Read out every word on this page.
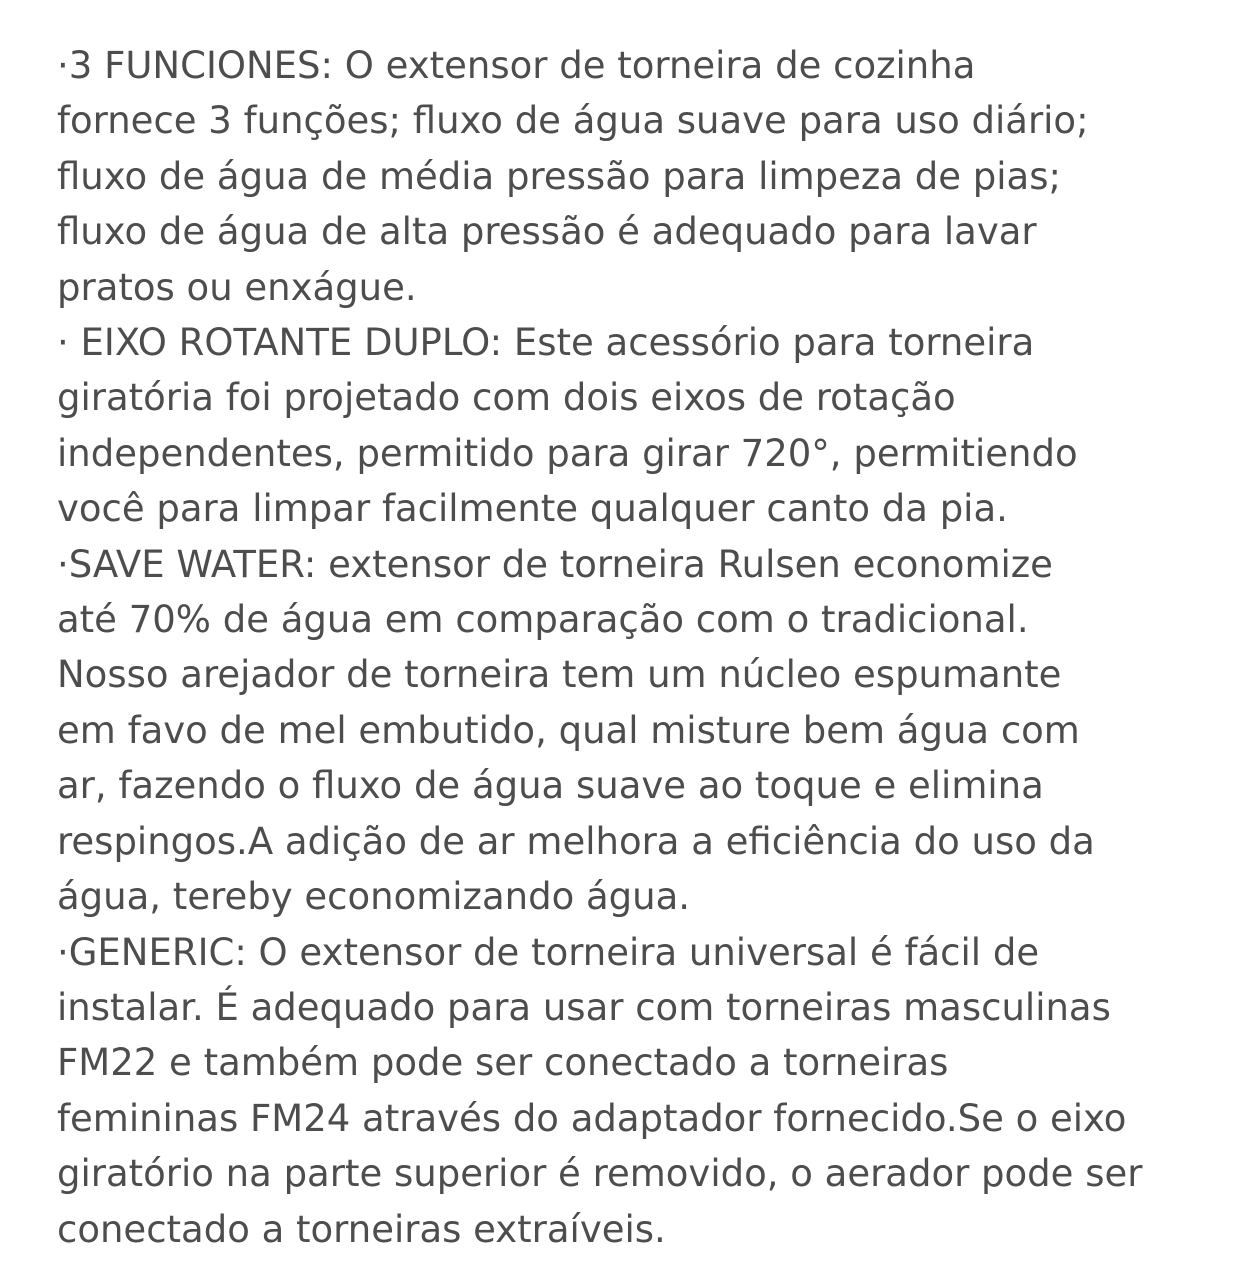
·3 FUNCIONES: O extensor de torneira de cozinha
fornece 3 funções; fluxo de água suave para uso diário;
fluxo de água de média pressão para limpeza de pias;
fluxo de água de alta pressão é adequado para lavar
pratos ou enxágue.
· EIXO ROTANTE DUPLO: Este acessório para torneira
giratória foi projetado com dois eixos de rotação
independentes, permitido para girar 720°, permitiendo
você para limpar facilmente qualquer canto da pia.
·SAVE WATER: extensor de torneira Rulsen economize
até 70% de água em comparação com o tradicional.
Nosso arejador de torneira tem um núcleo espumante
em favo de mel embutido, qual misture bem água com
ar, fazendo o fluxo de água suave ao toque e elimina
respingos.A adição de ar melhora a eficiência do uso da
água, tereby economizando água.
·GENERIC: O extensor de torneira universal é fácil de
instalar. É adequado para usar com torneiras masculinas
FM22 e também pode ser conectado a torneiras
femininas FM24 através do adaptador fornecido.Se o eixo
giratório na parte superior é removido, o aerador pode ser
conectado a torneiras extraíveis.
